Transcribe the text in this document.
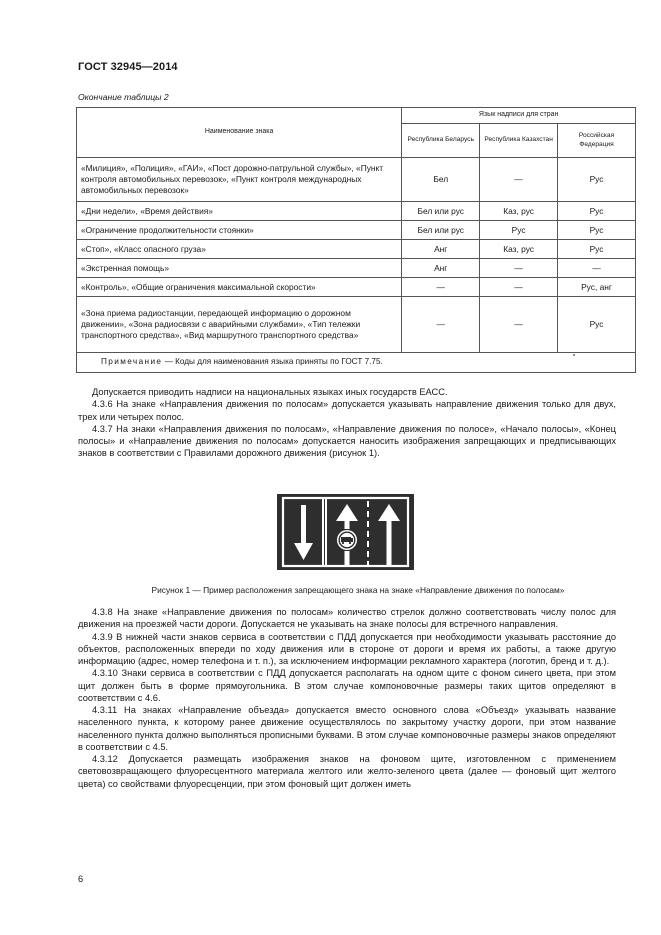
ГОСТ 32945—2014
Окончание таблицы 2
Наименование знака	Язык надписи для стран		
	Республика Беларусь	Республика Казахстан	Российская Федерация
«Милиция», «Полиция», «ГАИ», «Пост дорожно-патрульной службы», «Пункт контроля автомобильных перевозок», «Пункт контроля международных автомобильных перевозок»	Бел	—	Рус
«Дни недели», «Время действия»	Бел или рус	Каз, рус	Рус
«Ограничение продолжительности стоянки»	Бел или рус	Рус	Рус
«Стоп», «Класс опасного груза»	Анг	Каз, рус	Рус
«Экстренная помощь»	Анг	—	—
«Контроль», «Общие ограничения максимальной скорости»	—	—	Рус, анг
«Зона приема радиостанции, передающей информацию о дорожном движении», «Зона радиосвязи с аварийными службами», «Тип тележки транспортного средства», «Вид маршрутного транспортного средства»	—	—	Рус
Примечание — Коды для наименования языка приняты по ГОСТ 7.75.			

Допускается приводить надписи на национальных языках иных государств ЕАСС.

4.3.6 На знаке «Направления движения по полосам» допускается указывать направление движения только для двух, трех или четырех полос.

4.3.7 На знаки «Направления движения по полосам», «Направление движения по полосе», «Начало полосы», «Конец полосы» и «Направление движения по полосам» допускается наносить изображения запрещающих и предписывающих знаков в соответствии с Правилами дорожного движения (рисунок 1).

Рисунок 1 — Пример расположения запрещающего знака на знаке «Направление движения по полосам»

4.3.8 На знаке «Направление движения по полосам» количество стрелок должно соответствовать числу полос для движения на проезжей части дороги. Допускается не указывать на знаке полосы для встречного направления.

4.3.9 В нижней части знаков сервиса в соответствии с ПДД допускается при необходимости указывать расстояние до объектов, расположенных впереди по ходу движения или в стороне от дороги и время их работы, а также другую информацию (адрес, номер телефона и т. п.), за исключением информации рекламного характера (логотип, бренд и т. д.).

4.3.10 Знаки сервиса в соответствии с ПДД допускается располагать на одном щите с фоном синего цвета, при этом щит должен быть в форме прямоугольника. В этом случае компоновочные размеры таких щитов определяют в соответствии с 4.6.

4.3.11 На знаках «Направление объезда» допускается вместо основного слова «Объезд» указывать название населенного пункта, к которому ранее движение осуществлялось по закрытому участку дороги, при этом название населенного пункта должно выполняться прописными буквами. В этом случае компоновочные размеры знаков определяют в соответствии с 4.5.

4.3.12 Допускается размещать изображения знаков на фоновом щите, изготовленном с применением световозвращающего флуоресцентного материала желтого или желто-зеленого цвета (далее — фоновый щит желтого цвета) со свойствами флуоресценции, при этом фоновый щит должен иметь

6
